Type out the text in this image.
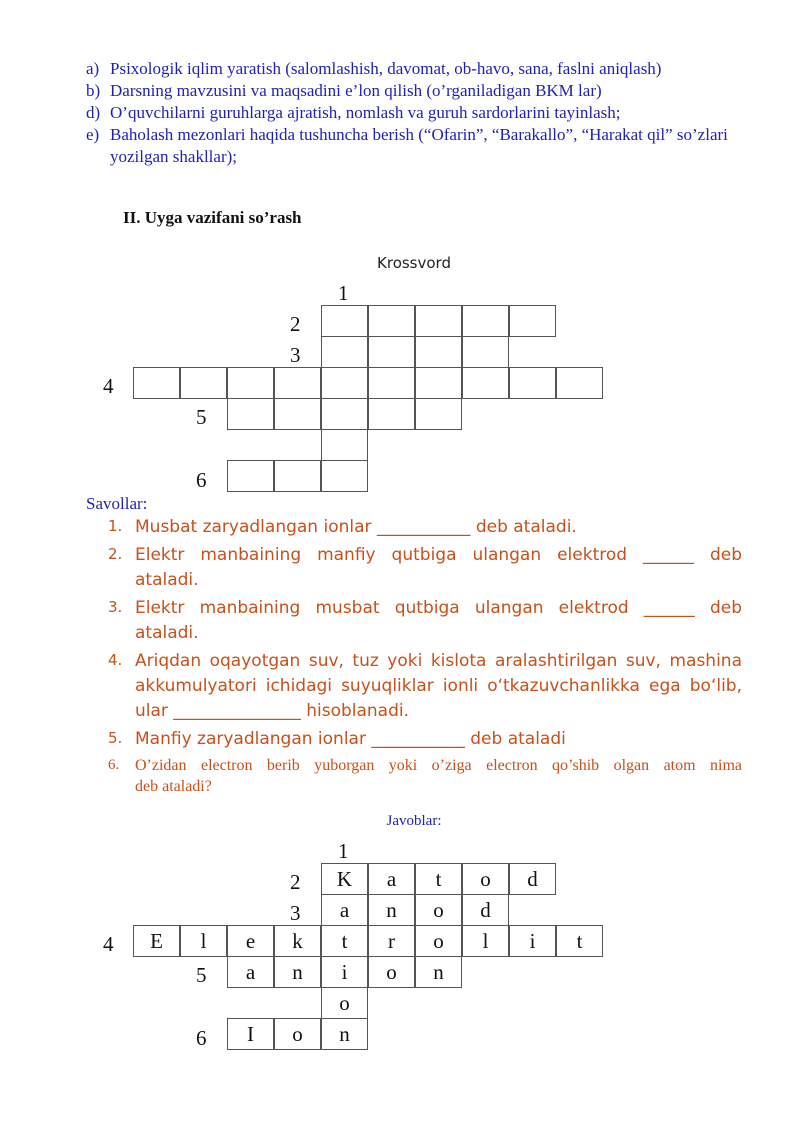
a) Psixologik iqlim yaratish (salomlashish, davomat, ob-havo, sana, faslni aniqlash)
b) Darsning mavzusini va maqsadini e’lon qilish (o’rganiladigan BKM lar)
d) O’quvchilarni guruhlarga ajratish, nomlash va guruh sardorlarini tayinlash;
e) Baholash mezonlari haqida tushuncha berish (“Ofarin”, “Barakallo”, “Harakat qil” so’zlari yozilgan shakllar);
II. Uyga vazifani so’rash
Krossvord
1
2
3
4
5
6
Savollar:
1. Musbat zaryadlangan ionlar ___________ deb ataladi.
2. Elektr manbaining manfiy qutbiga ulangan elektrod ______ deb
ataladi.
3. Elektr manbaining musbat qutbiga ulangan elektrod ______ deb
ataladi.
4. Ariqdan oqayotgan suv, tuz yoki kislota aralashtirilgan suv, mashina
akkumulyatori ichidagi suyuqliklar ionli o‘tkazuvchanlikka ega bo‘lib,
ular _______________ hisoblanadi.
5. Manfiy zaryadlangan ionlar ___________ deb ataladi
6. O’zidan electron berib yuborgan yoki o’ziga electron qo’shib olgan atom nima
deb ataladi?
Javoblar:
1
2
3
4
5
6
K	a	t	o	d
a	n	o	d
E	l	e	k	t	r	o	l	i	t
a	n	i	o	n
o
I	o	n
